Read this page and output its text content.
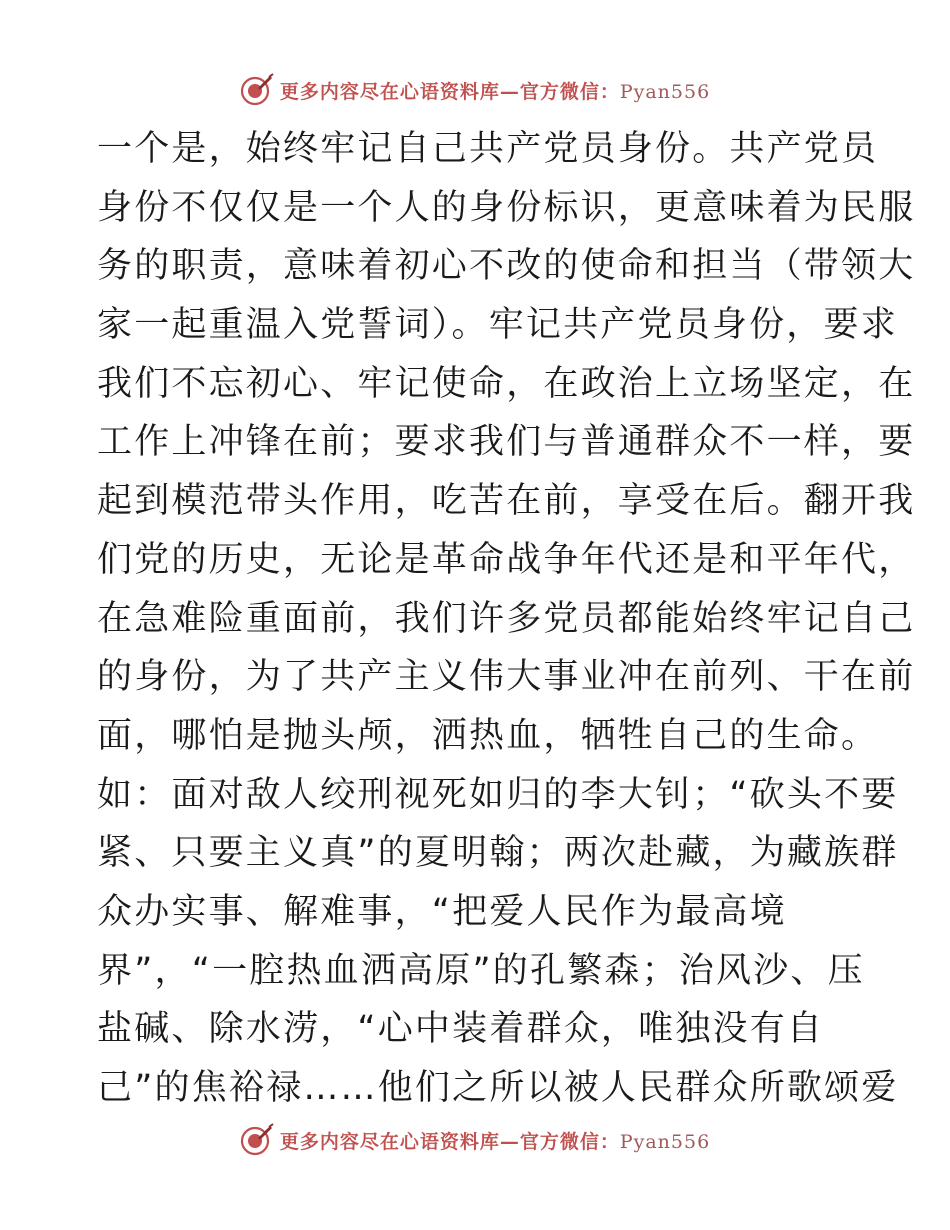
更多内容尽在心语资料库—官方微信：Pyan556
一个是，始终牢记自己共产党员身份。共产党员
身份不仅仅是一个人的身份标识，更意味着为民服
务的职责，意味着初心不改的使命和担当（带领大
家一起重温入党誓词）。牢记共产党员身份，要求
我们不忘初心、牢记使命，在政治上立场坚定，在
工作上冲锋在前；要求我们与普通群众不一样，要
起到模范带头作用，吃苦在前，享受在后。翻开我
们党的历史，无论是革命战争年代还是和平年代，
在急难险重面前，我们许多党员都能始终牢记自己
的身份，为了共产主义伟大事业冲在前列、干在前
面，哪怕是抛头颅，洒热血，牺牲自己的生命。
如：面对敌人绞刑视死如归的李大钊；“砍头不要
紧、只要主义真”的夏明翰；两次赴藏，为藏族群
众办实事、解难事，“把爱人民作为最高境
界”，“一腔热血洒高原”的孔繁森；治风沙、压
盐碱、除水涝，“心中装着群众，唯独没有自
己”的焦裕禄……他们之所以被人民群众所歌颂爱
更多内容尽在心语资料库—官方微信：Pyan556
